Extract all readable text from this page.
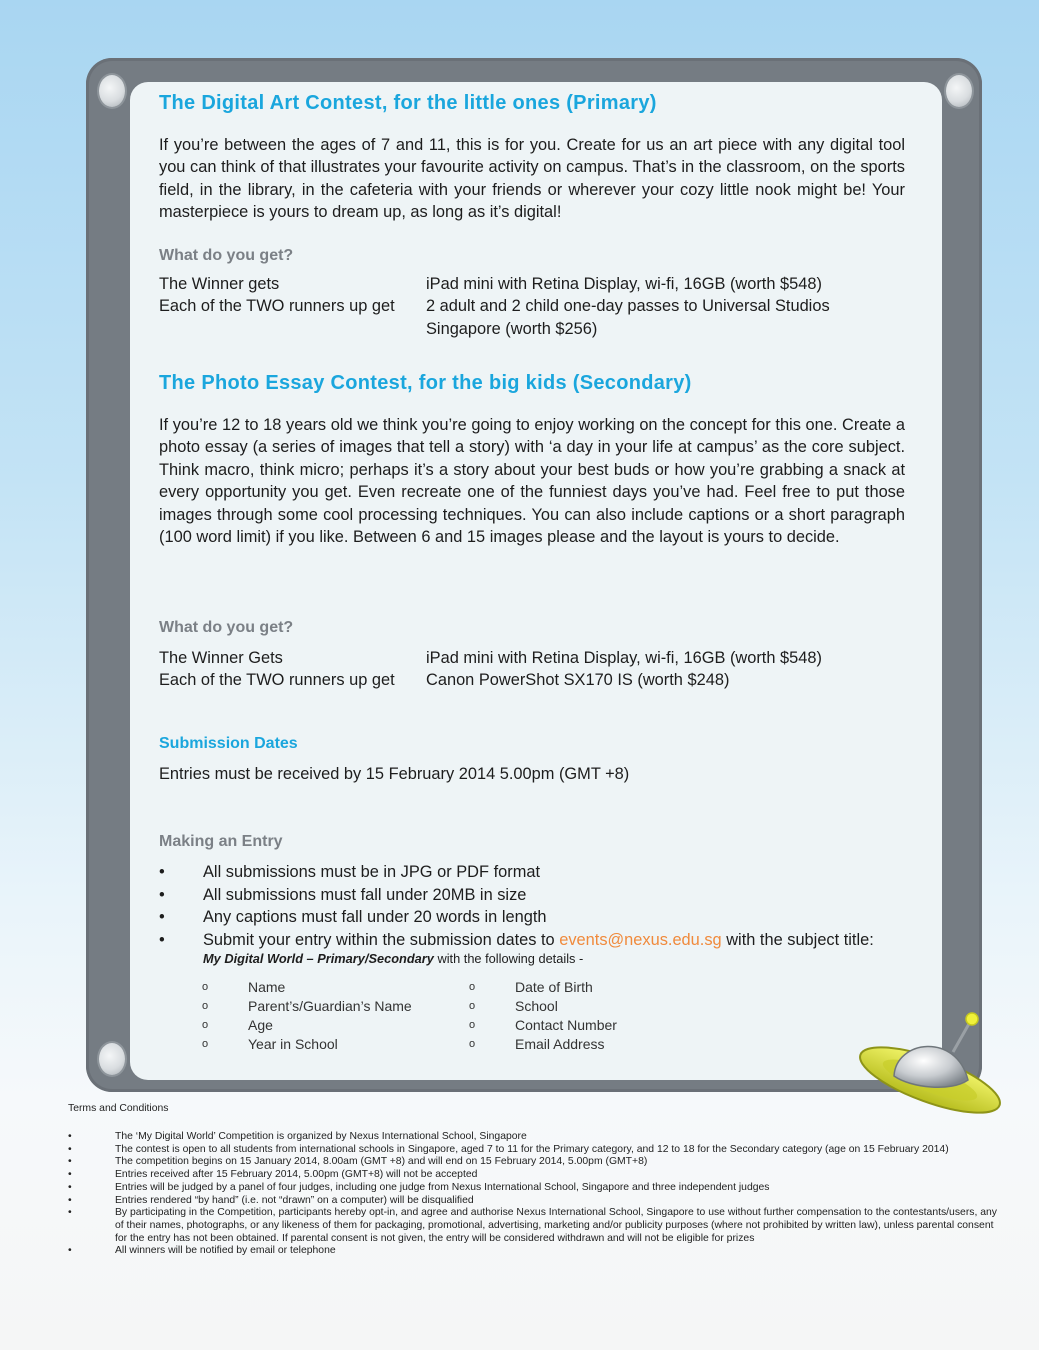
The Digital Art Contest, for the little ones (Primary)
If you’re between the ages of 7 and 11, this is for you. Create for us an art piece with any digital tool you can think of that illustrates your favourite activity on campus. That’s in the classroom, on the sports field, in the library, in the cafeteria with your friends or wherever your cozy little nook might be! Your masterpiece is yours to dream up, as long as it’s digital!
What do you get?
The Winner gets	iPad mini with Retina Display, wi-fi, 16GB (worth $548)
Each of the TWO runners up get	2 adult and 2 child one-day passes to Universal Studios Singapore (worth $256)
The Photo Essay Contest, for the big kids (Secondary)
If you’re 12 to 18 years old we think you’re going to enjoy working on the concept for this one. Create a photo essay (a series of images that tell a story) with ‘a day in your life at campus’ as the core subject. Think macro, think micro; perhaps it’s a story about your best buds or how you’re grabbing a snack at every opportunity you get. Even recreate one of the funniest days you’ve had. Feel free to put those images through some cool processing techniques. You can also include captions or a short paragraph (100 word limit) if you like. Between 6 and 15 images please and the layout is yours to decide.
What do you get?
The Winner Gets	iPad mini with Retina Display, wi-fi, 16GB (worth $548)
Each of the TWO runners up get	Canon PowerShot SX170 IS (worth $248)
Submission Dates
Entries must be received by 15 February 2014 5.00pm (GMT +8)
Making an Entry
• All submissions must be in JPG or PDF format
• All submissions must fall under 20MB in size
• Any captions must fall under 20 words in length
• Submit your entry within the submission dates to events@nexus.edu.sg with the subject title:
My Digital World – Primary/Secondary with the following details -
o	Name
o	Parent’s/Guardian’s Name
o	Age
o	Year in School
o	Date of Birth
o	School
o	Contact Number
o	Email Address
Terms and Conditions
•	The ‘My Digital World’ Competition is organized by Nexus International School, Singapore
•	The contest is open to all students from international schools in Singapore, aged 7 to 11 for the Primary category, and 12 to 18 for the Secondary category (age on 15 February 2014)
•	The competition begins on 15 January 2014, 8.00am (GMT +8) and will end on 15 February 2014, 5.00pm (GMT+8)
•	Entries received after 15 February 2014, 5.00pm (GMT+8) will not be accepted
•	Entries will be judged by a panel of four judges, including one judge from Nexus International School, Singapore and three independent judges
•	Entries rendered “by hand” (i.e. not “drawn” on a computer) will be disqualified
•	By participating in the Competition, participants hereby opt-in, and agree and authorise Nexus International School, Singapore to use without further compensation to the contestants/users, any of their names, photographs, or any likeness of them for packaging, promotional, advertising, marketing and/or publicity purposes (where not prohibited by written law), unless parental consent for the entry has not been obtained. If parental consent is not given, the entry will be considered withdrawn and will not be eligible for prizes
•	All winners will be notified by email or telephone
